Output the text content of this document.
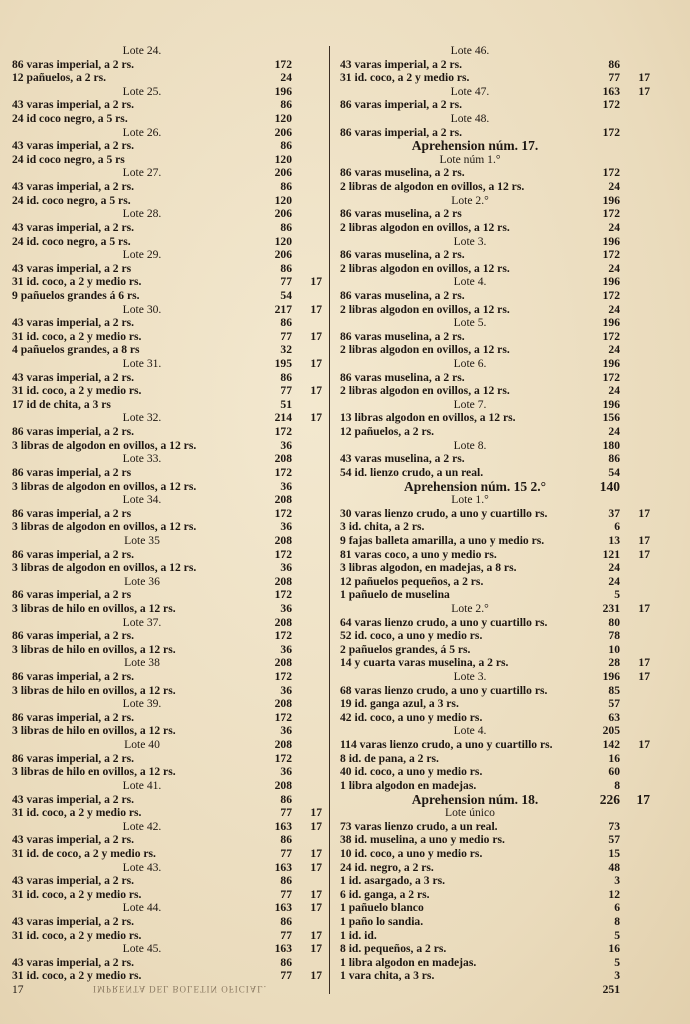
Lote 24.
86 varas imperial, a 2 rs.	172
12 pañuelos, a 2 rs.	24
Lote 25.	196
43 varas imperial, a 2 rs.	86
24 id coco negro, a 5 rs.	120
Lote 26.	206
43 varas imperial, a 2 rs.	86
24 id coco negro, a 5 rs	120
Lote 27.	206
43 varas imperial, a 2 rs.	86
24 id. coco negro, a 5 rs.	120
Lote 28.	206
43 varas imperial, a 2 rs.	86
24 id. coco negro, a 5 rs.	120
Lote 29.	206
43 varas imperial, a 2 rs	86
31 id. coco, a 2 y medio rs.	77	17
9 pañuelos grandes á 6 rs.	54
Lote 30.	217	17
43 varas imperial, a 2 rs.	86
31 id. coco, a 2 y medio rs.	77	17
4 pañuelos grandes, a 8 rs	32
Lote 31.	195	17
43 varas imperial, a 2 rs.	86
31 id. coco, a 2 y medio rs.	77	17
17 id de chita, a 3 rs	51
Lote 32.	214	17
86 varas imperial, a 2 rs.	172
3 libras de algodon en ovillos, a 12 rs.	36
Lote 33.	208
86 varas imperial, a 2 rs	172
3 libras de algodon en ovillos, a 12 rs.	36
Lote 34.	208
86 varas imperial, a 2 rs	172
3 libras de algodon en ovillos, a 12 rs.	36
Lote 35	208
86 varas imperial, a 2 rs.	172
3 libras de algodon en ovillos, a 12 rs.	36
Lote 36	208
86 varas imperial, a 2 rs	172
3 libras de hilo en ovillos, a 12 rs.	36
Lote 37.	208
86 varas imperial, a 2 rs.	172
3 libras de hilo en ovillos, a 12 rs.	36
Lote 38	208
86 varas imperial, a 2 rs.	172
3 libras de hilo en ovillos, a 12 rs.	36
Lote 39.	208
86 varas imperial, a 2 rs.	172
3 libras de hilo en ovillos, a 12 rs.	36
Lote 40	208
86 varas imperial, a 2 rs.	172
3 libras de hilo en ovillos, a 12 rs.	36
Lote 41.	208
43 varas imperial, a 2 rs.	86
31 id. coco, a 2 y medio rs.	77	17
Lote 42.	163	17
43 varas imperial, a 2 rs.	86
31 id. de coco, a 2 y medio rs.	77	17
Lote 43.	163	17
43 varas imperial, a 2 rs.	86
31 id. coco, a 2 y medio rs.	77	17
Lote 44.	163	17
43 varas imperial, a 2 rs.	86
31 id. coco, a 2 y medio rs.	77	17
Lote 45.	163	17
43 varas imperial, a 2 rs.	86
31 id. coco, a 2 y medio rs.	77	17
17
Lote 46.
43 varas imperial, a 2 rs.	86
31 id. coco, a 2 y medio rs.	77	17
Lote 47.	163	17
86 varas imperial, a 2 rs.	172
Lote 48.
86 varas imperial, a 2 rs.	172
Aprehension núm. 17.
Lote núm 1.°
86 varas muselina, a 2 rs.	172
2 libras de algodon en ovillos, a 12 rs.	24
Lote 2.°	196
86 varas muselina, a 2 rs	172
2 libras algodon en ovillos, a 12 rs.	24
Lote 3.	196
86 varas muselina, a 2 rs.	172
2 libras algodon en ovillos, a 12 rs.	24
Lote 4.	196
86 varas muselina, a 2 rs.	172
2 libras algodon en ovillos, a 12 rs.	24
Lote 5.	196
86 varas muselina, a 2 rs.	172
2 libras algodon en ovillos, a 12 rs.	24
Lote 6.	196
86 varas muselina, a 2 rs.	172
2 libras algodon en ovillos, a 12 rs.	24
Lote 7.	196
13 libras algodon en ovillos, a 12 rs.	156
12 pañuelos, a 2 rs.	24
Lote 8.	180
43 varas muselina, a 2 rs.	86
54 id. lienzo crudo, a un real.	54
Aprehension núm. 15 2.°	140
Lote 1.°
30 varas lienzo crudo, a uno y cuartillo rs.	37	17
3 id. chita, a 2 rs.	6
9 fajas balleta amarilla, a uno y medio rs.	13	17
81 varas coco, a uno y medio rs.	121	17
3 libras algodon, en madejas, a 8 rs.	24
12 pañuelos pequeños, a 2 rs.	24
1 pañuelo de muselina	5
Lote 2.°	231	17
64 varas lienzo crudo, a uno y cuartillo rs.	80
52 id. coco, a uno y medio rs.	78
2 pañuelos grandes, á 5 rs.	10
14 y cuarta varas muselina, a 2 rs.	28	17
Lote 3.	196	17
68 varas lienzo crudo, a uno y cuartillo rs.	85
19 id. ganga azul, a 3 rs.	57
42 id. coco, a uno y medio rs.	63
Lote 4.	205
114 varas lienzo crudo, a uno y cuartillo rs.	142	17
8 id. de pana, a 2 rs.	16
40 id. coco, a uno y medio rs.	60
1 libra algodon en madejas.	8
Aprehension núm. 18.	226	17
Lote único
73 varas lienzo crudo, a un real.	73
38 id. muselina, a uno y medio rs.	57
10 id. coco, a uno y medio rs.	15
24 id. negro, a 2 rs.	48
1 id. asargado, a 3 rs.	3
6 id. ganga, a 2 rs.	12
1 pañuelo blanco	6
1 paño lo sandia.	8
1 id. id.	5
8 id. pequeños, a 2 rs.	16
1 libra algodon en madejas.	5
1 vara chita, a 3 rs.	3
251
IMPRENTA DEL BOLETIN OFICIAL.
